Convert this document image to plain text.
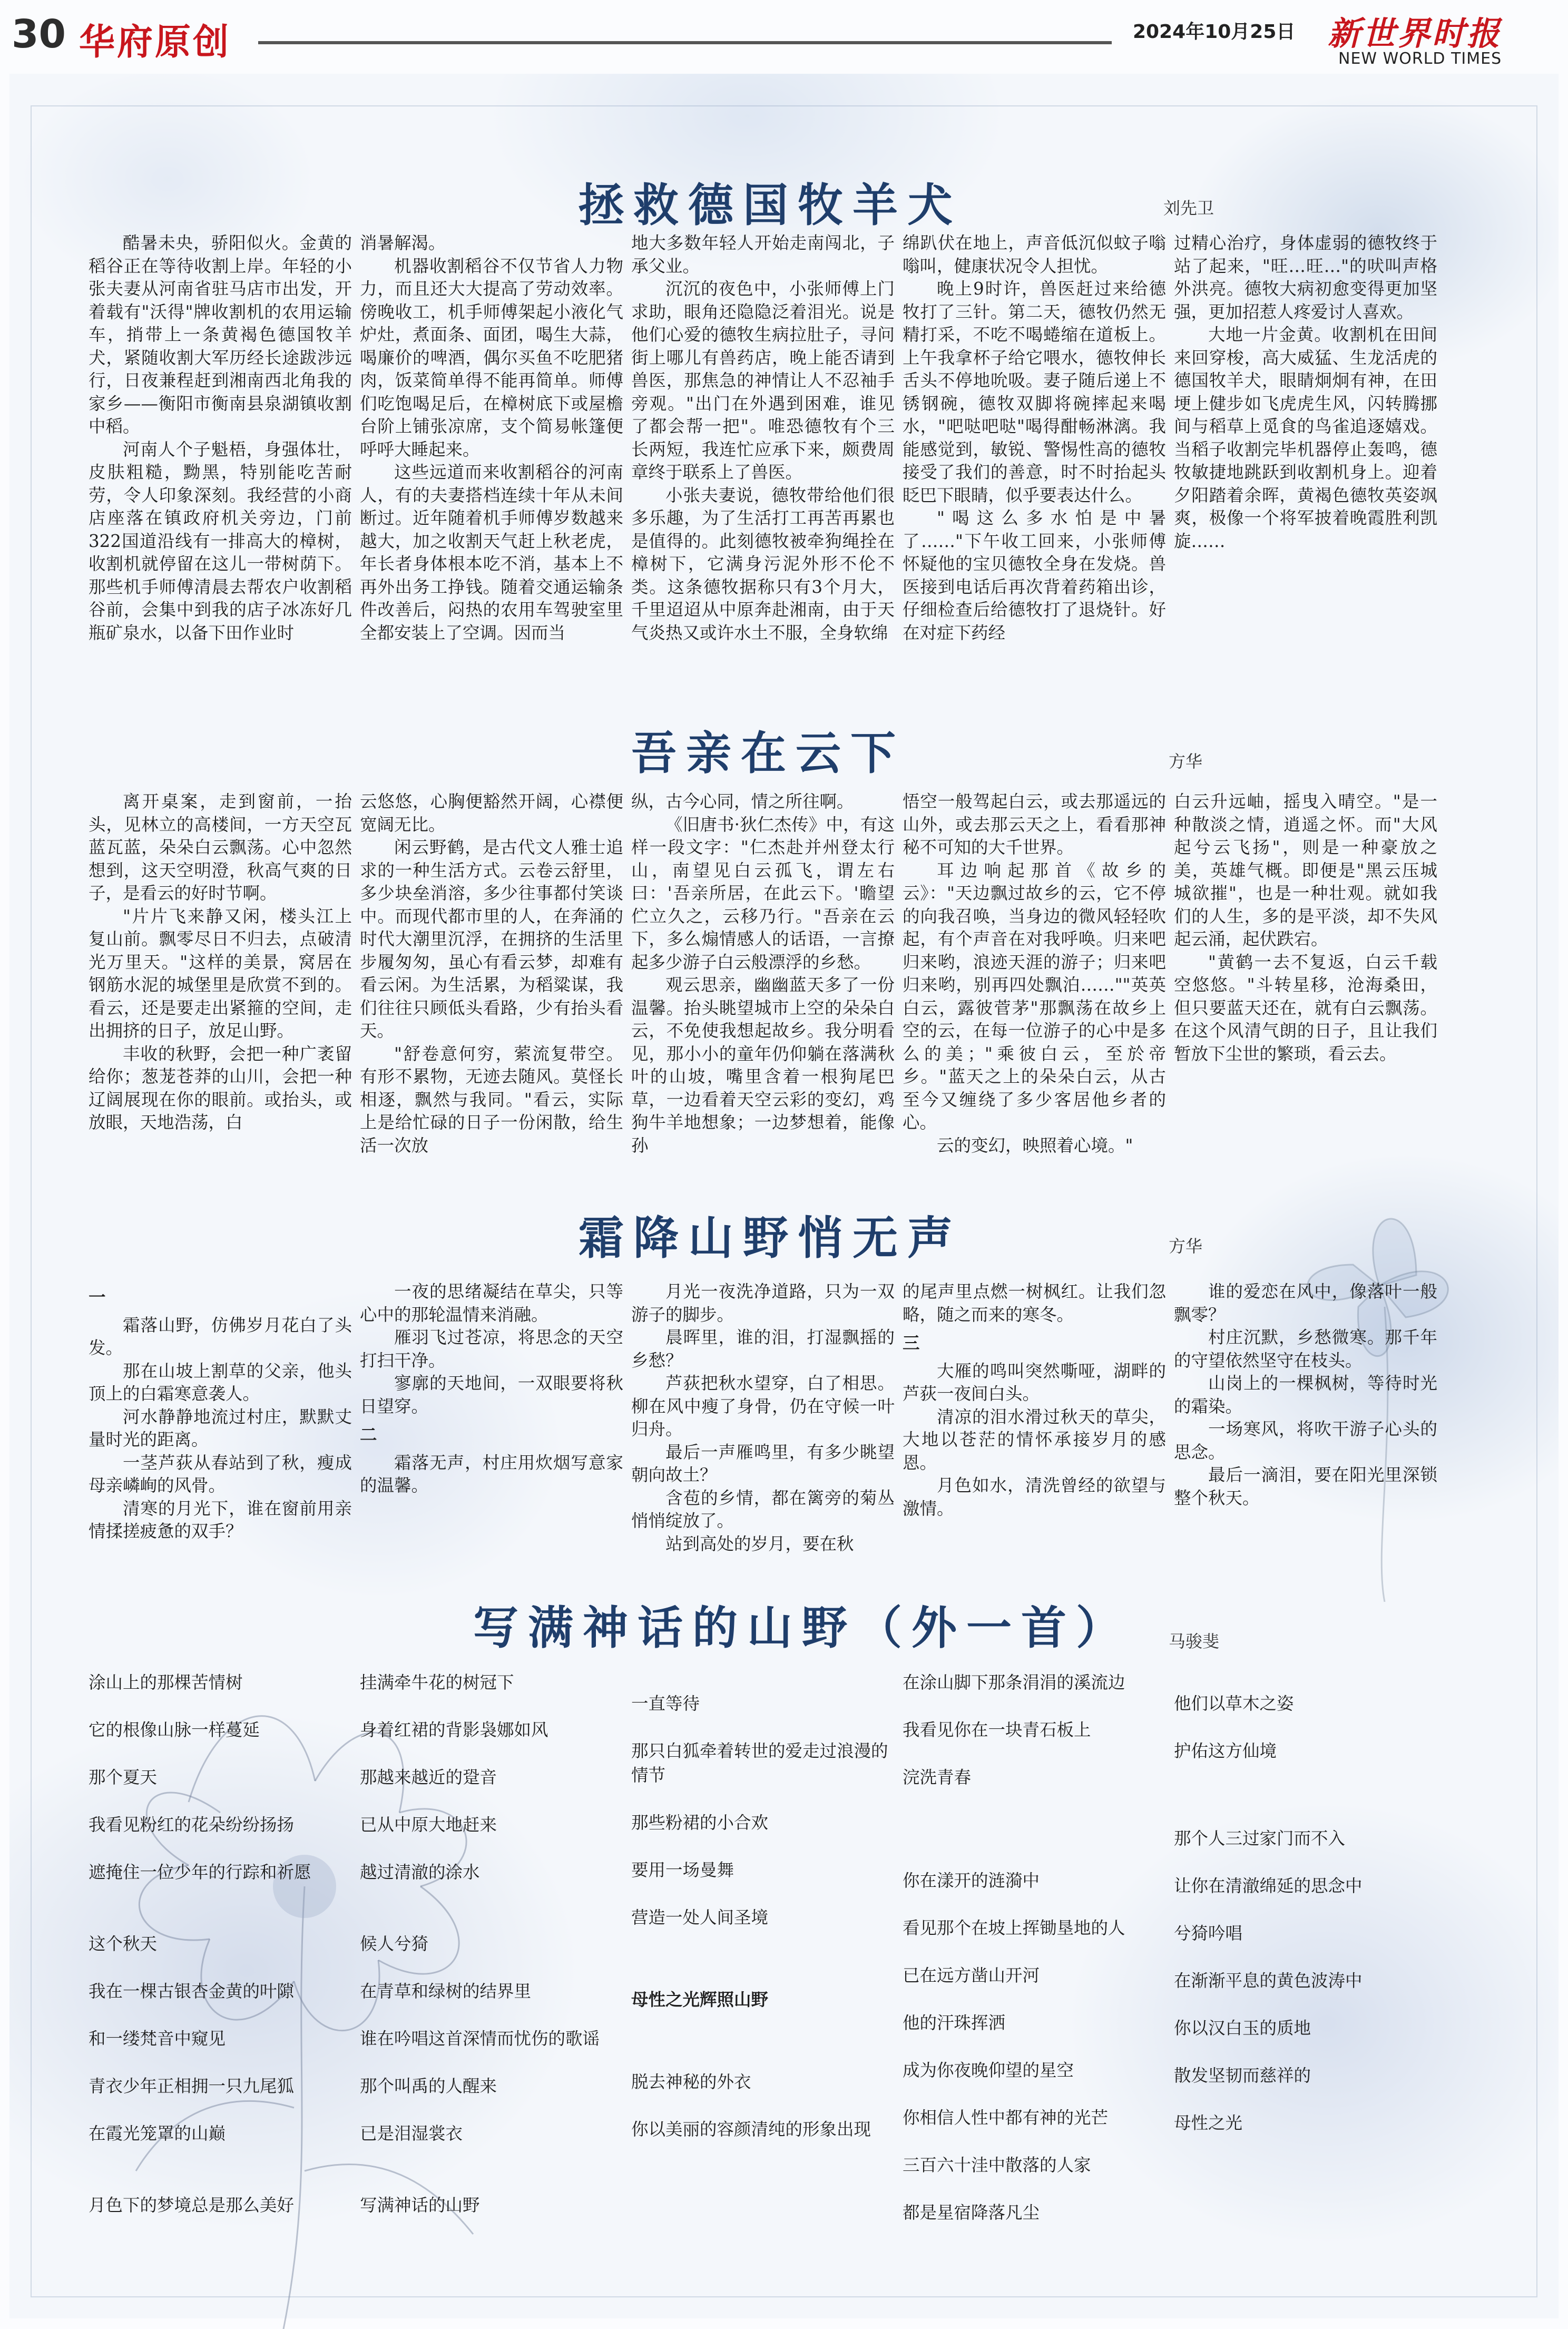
30 华府原创	2024年10月25日 新世界时报
NEW WORLD TIMES
拯救德国牧羊犬	刘先卫

酷暑未央，骄阳似火。金黄的稻谷正在等待收割上岸。年轻的小张夫妻从河南省驻马店市出发，开着载有"沃得"牌收割机的农用运输车，捎带上一条黄褐色德国牧羊犬，紧随收割大军历经长途跋涉远行，日夜兼程赶到湘南西北角我的家乡——衡阳市衡南县泉湖镇收割中稻。

河南人个子魁梧，身强体壮，皮肤粗糙，黝黑，特别能吃苦耐劳，令人印象深刻。我经营的小商店座落在镇政府机关旁边，门前322国道沿线有一排高大的樟树，收割机就停留在这儿一带树荫下。那些机手师傅清晨去帮农户收割稻谷前，会集中到我的店子冰冻好几瓶矿泉水，以备下田作业时

消暑解渴。

机器收割稻谷不仅节省人力物力，而且还大大提高了劳动效率。傍晚收工，机手师傅架起小液化气炉灶，煮面条、面团，喝生大蒜，喝廉价的啤酒，偶尔买鱼不吃肥猪肉，饭菜简单得不能再简单。师傅们吃饱喝足后，在樟树底下或屋檐台阶上铺张凉席，支个简易帐篷便呼呼大睡起来。

这些远道而来收割稻谷的河南人，有的夫妻搭档连续十年从未间断过。近年随着机手师傅岁数越来越大，加之收割天气赶上秋老虎，年长者身体根本吃不消，基本上不再外出务工挣钱。随着交通运输条件改善后，闷热的农用车驾驶室里全都安装上了空调。因而当

地大多数年轻人开始走南闯北，子承父业。

沉沉的夜色中，小张师傅上门求助，眼角还隐隐泛着泪光。说是他们心爱的德牧生病拉肚子，寻问街上哪儿有兽药店，晚上能否请到兽医，那焦急的神情让人不忍袖手旁观。"出门在外遇到困难，谁见了都会帮一把"。唯恐德牧有个三长两短，我连忙应承下来，颇费周章终于联系上了兽医。

小张夫妻说，德牧带给他们很多乐趣，为了生活打工再苦再累也是值得的。此刻德牧被牵狗绳拴在樟树下，它满身污泥外形不伦不类。这条德牧据称只有3个月大，千里迢迢从中原奔赴湘南，由于天气炎热又或许水土不服，全身软绵

绵趴伏在地上，声音低沉似蚊子嗡嗡叫，健康状况令人担忧。

晚上9时许，兽医赶过来给德牧打了三针。第二天，德牧仍然无精打采，不吃不喝蜷缩在道板上。上午我拿杯子给它喂水，德牧伸长舌头不停地吮吸。妻子随后递上不锈钢碗，德牧双脚将碗摔起来喝水，"吧哒吧哒"喝得酣畅淋漓。我能感觉到，敏锐、警惕性高的德牧接受了我们的善意，时不时抬起头眨巴下眼睛，似乎要表达什么。

"喝这么多水怕是中暑了……"下午收工回来，小张师傅怀疑他的宝贝德牧全身在发烧。兽医接到电话后再次背着药箱出诊，仔细检查后给德牧打了退烧针。好在对症下药经

过精心治疗，身体虚弱的德牧终于站了起来，"旺…旺…"的吠叫声格外洪亮。德牧大病初愈变得更加坚强，更加招惹人疼爱讨人喜欢。

大地一片金黄。收割机在田间来回穿梭，高大威猛、生龙活虎的德国牧羊犬，眼睛炯炯有神，在田埂上健步如飞虎虎生风，闪转腾挪间与稻草上觅食的鸟雀追逐嬉戏。当稻子收割完毕机器停止轰鸣，德牧敏捷地跳跃到收割机身上。迎着夕阳踏着余晖，黄褐色德牧英姿飒爽，极像一个将军披着晚霞胜利凯旋……

吾亲在云下	方华

离开桌案，走到窗前，一抬头，见林立的高楼间，一方天空瓦蓝瓦蓝，朵朵白云飘荡。心中忽然想到，这天空明澄，秋高气爽的日子，是看云的好时节啊。

"片片飞来静又闲，楼头江上复山前。飘零尽日不归去，点破清光万里天。"这样的美景，窝居在钢筋水泥的城堡里是欣赏不到的。看云，还是要走出紧箍的空间，走出拥挤的日子，放足山野。

丰收的秋野，会把一种广袤留给你；葱茏苍莽的山川，会把一种辽阔展现在你的眼前。或抬头，或放眼，天地浩荡，白

云悠悠，心胸便豁然开阔，心襟便宽阔无比。

闲云野鹤，是古代文人雅士追求的一种生活方式。云卷云舒里，多少块垒消溶，多少往事都付笑谈中。而现代都市里的人，在奔涌的时代大潮里沉浮，在拥挤的生活里步履匆匆，虽心有看云梦，却难有看云闲。为生活累，为稻粱谋，我们往往只顾低头看路，少有抬头看天。

"舒卷意何穷，萦流复带空。有形不累物，无迹去随风。莫怪长相逐，飘然与我同。"看云，实际上是给忙碌的日子一份闲散，给生活一次放

纵，古今心同，情之所往啊。

《旧唐书·狄仁杰传》中，有这样一段文字："仁杰赴并州登太行山，南望见白云孤飞，谓左右曰：'吾亲所居，在此云下。'瞻望伫立久之，云移乃行。"吾亲在云下，多么煽情感人的话语，一言撩起多少游子白云般漂浮的乡愁。

观云思亲，幽幽蓝天多了一份温馨。抬头眺望城市上空的朵朵白云，不免使我想起故乡。我分明看见，那小小的童年仍仰躺在落满秋叶的山坡，嘴里含着一根狗尾巴草，一边看着天空云彩的变幻，鸡狗牛羊地想象；一边梦想着，能像孙

悟空一般驾起白云，或去那遥远的山外，或去那云天之上，看看那神秘不可知的大千世界。

耳边响起那首《故乡的云》："天边飘过故乡的云，它不停的向我召唤，当身边的微风轻轻吹起，有个声音在对我呼唤。归来吧归来哟，浪迹天涯的游子；归来吧归来哟，别再四处飘泊……""英英白云，露彼菅茅"那飘荡在故乡上空的云，在每一位游子的心中是多么的美；"乘彼白云，至於帝乡。"蓝天之上的朵朵白云，从古至今又缠绕了多少客居他乡者的心。

云的变幻，映照着心境。"

白云升远岫，摇曳入晴空。"是一种散淡之情，逍遥之怀。而"大风起兮云飞扬"，则是一种豪放之美，英雄气概。即便是"黑云压城城欲摧"，也是一种壮观。就如我们的人生，多的是平淡，却不失风起云涌，起伏跌宕。

"黄鹤一去不复返，白云千载空悠悠。"斗转星移，沧海桑田，但只要蓝天还在，就有白云飘荡。在这个风清气朗的日子，且让我们暂放下尘世的繁琐，看云去。

霜降山野悄无声	方华

一

霜落山野，仿佛岁月花白了头发。

那在山坡上割草的父亲，他头顶上的白霜寒意袭人。

河水静静地流过村庄，默默丈量时光的距离。

一茎芦荻从春站到了秋，瘦成母亲嶙峋的风骨。

清寒的月光下，谁在窗前用亲情揉搓疲惫的双手？

一夜的思绪凝结在草尖，只等心中的那轮温情来消融。

雁羽飞过苍凉，将思念的天空打扫干净。

寥廓的天地间，一双眼要将秋日望穿。

二

霜落无声，村庄用炊烟写意家的温馨。

月光一夜洗净道路，只为一双游子的脚步。

晨晖里，谁的泪，打湿飘摇的乡愁？

芦荻把秋水望穿，白了相思。柳在风中瘦了身骨，仍在守候一叶归舟。

最后一声雁鸣里，有多少眺望朝向故土？

含苞的乡情，都在篱旁的菊丛悄悄绽放了。

站到高处的岁月，要在秋

的尾声里点燃一树枫红。让我们忽略，随之而来的寒冬。

三

大雁的鸣叫突然嘶哑，湖畔的芦荻一夜间白头。

清凉的泪水滑过秋天的草尖，大地以苍茫的情怀承接岁月的感恩。

月色如水，清洗曾经的欲望与激情。

谁的爱恋在风中，像落叶一般飘零？

村庄沉默，乡愁微寒。那千年的守望依然坚守在枝头。

山岗上的一棵枫树，等待时光的霜染。

一场寒风，将吹干游子心头的思念。

最后一滴泪，要在阳光里深锁整个秋天。

写满神话的山野（外一首） 马骏斐
涂山上的那棵苦情树
它的根像山脉一样蔓延
那个夏天
我看见粉红的花朵纷纷扬扬
遮掩住一位少年的行踪和祈愿
这个秋天
我在一棵古银杏金黄的叶隙
和一缕梵音中窥见
青衣少年正相拥一只九尾狐
在霞光笼罩的山巅
月色下的梦境总是那么美好
挂满牵牛花的树冠下
身着红裙的背影袅娜如风
那越来越近的跫音
已从中原大地赶来
越过清澈的涂水
候人兮猗
在青草和绿树的结界里
谁在吟唱这首深情而忧伤的歌谣
那个叫禹的人醒来
已是泪湿裳衣
写满神话的山野
一直等待
那只白狐牵着转世的爱走过浪漫的情节
那些粉裙的小合欢
要用一场曼舞
营造一处人间圣境
母性之光辉照山野
脱去神秘的外衣
你以美丽的容颜清纯的形象出现
在涂山脚下那条涓涓的溪流边
我看见你在一块青石板上
浣洗青春
你在漾开的涟漪中
看见那个在坡上挥锄垦地的人
已在远方凿山开河
他的汗珠挥洒
成为你夜晚仰望的星空
你相信人性中都有神的光芒
三百六十洼中散落的人家
都是星宿降落凡尘
他们以草木之姿
护佑这方仙境
那个人三过家门而不入
让你在清澈绵延的思念中
兮猗吟唱
在渐渐平息的黄色波涛中
你以汉白玉的质地
散发坚韧而慈祥的
母性之光
